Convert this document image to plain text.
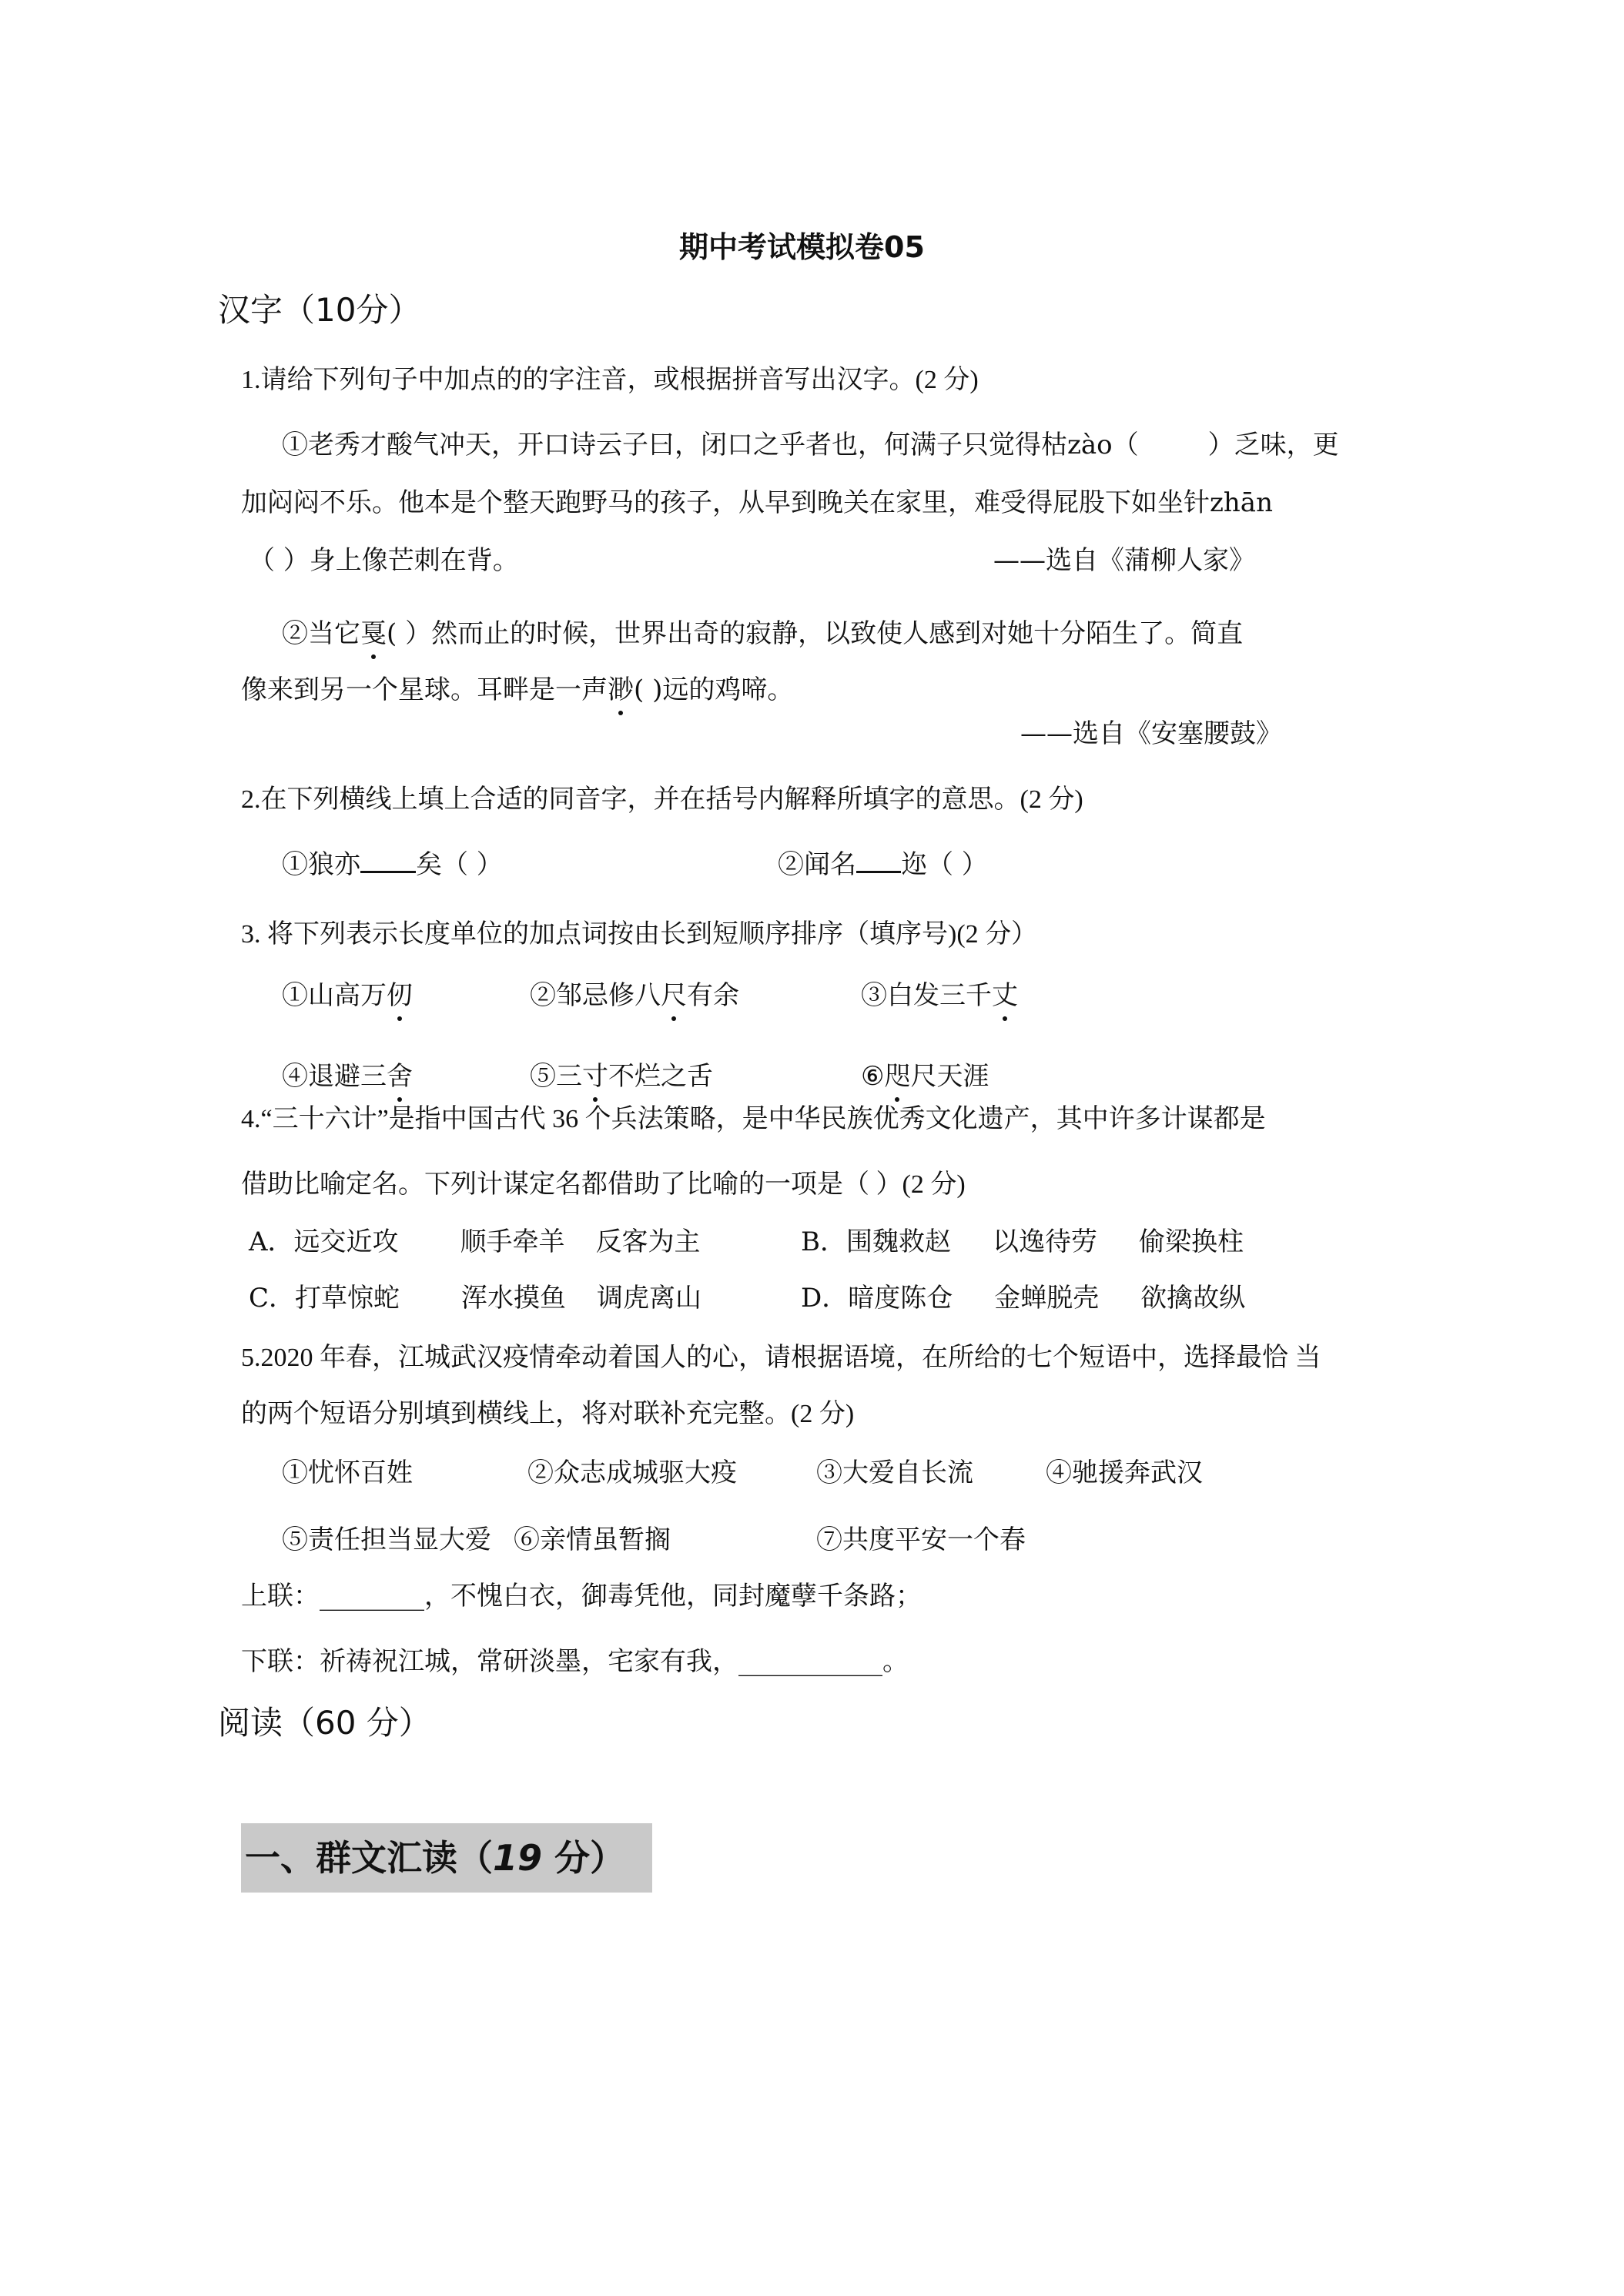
期中考试模拟卷05
汉字（10分）
1.请给下列句子中加点的的字注音，或根据拼音写出汉字。(2 分)
①老秀才酸气冲天，开口诗云子曰，闭口之乎者也，何满子只觉得枯zào（	）乏味，更
加闷闷不乐。他本是个整天跑野马的孩子，从早到晚关在家里，难受得屁股下如坐针zhān
（ ）身上像芒刺在背。	——选自《蒲柳人家》
②当它戛( ）然而止的时候，世界出奇的寂静，以致使人感到对她十分陌生了。简直
像来到另一个星球。耳畔是一声渺( )远的鸡啼。
——选自《安塞腰鼓》
2.在下列横线上填上合适的同音字，并在括号内解释所填字的意思。(2 分)
①狼亦 矣（ ）	②闻名 迩（ ）
3. 将下列表示长度单位的加点词按由长到短顺序排序（填序号)(2 分）
①山高万仞	②邹忌修八尺有余	③白发三千丈
④退避三舍	⑤三寸不烂之舌	⑥咫尺天涯
4.“三十六计”是指中国古代 36 个兵法策略，是中华民族优秀文化遗产，其中许多计谋都是
借助比喻定名。下列计谋定名都借助了比喻的一项是（ ）(2 分)
A．远交近攻 顺手牵羊 反客为主	B．围魏救赵 以逸待劳 偷梁换柱
C．打草惊蛇 浑水摸鱼 调虎离山	D．暗度陈仓 金蝉脱壳 欲擒故纵
5.2020 年春，江城武汉疫情牵动着国人的心，请根据语境，在所给的七个短语中，选择最恰 当
的两个短语分别填到横线上，将对联补充完整。(2 分)
①忧怀百姓	②众志成城驱大疫	③大爱自长流	④驰援奔武汉
⑤责任担当显大爱 ⑥亲情虽暂搁	⑦共度平安一个春
上联：________，不愧白衣，御毒凭他，同封魔孽千条路；
下联：祈祷祝江城，常研淡墨，宅家有我，___________。
阅读（60 分）
一、群文汇读（19 分）
